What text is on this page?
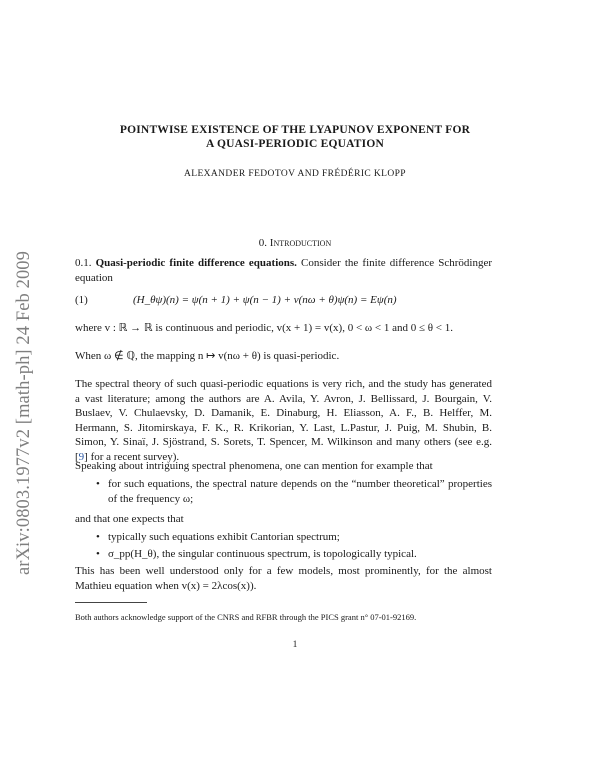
arXiv:0803.1977v2 [math-ph] 24 Feb 2009
POINTWISE EXISTENCE OF THE LYAPUNOV EXPONENT FOR
A QUASI-PERIODIC EQUATION
ALEXANDER FEDOTOV AND FRÉDÉRIC KLOPP
0. Introduction
0.1. Quasi-periodic finite difference equations. Consider the finite difference Schrödinger equation
(1)	(H_θψ)(n) = ψ(n + 1) + ψ(n − 1) + v(nω + θ)ψ(n) = Eψ(n)
where v : ℝ → ℝ is continuous and periodic, v(x + 1) = v(x), 0 < ω < 1 and 0 ≤ θ < 1.
When ω ∉ ℚ, the mapping n ↦ v(nω + θ) is quasi-periodic.
The spectral theory of such quasi-periodic equations is very rich, and the study has generated a vast literature; among the authors are A. Avila, Y. Avron, J. Bellissard, J. Bourgain, V. Buslaev, V. Chulaevsky, D. Damanik, E. Dinaburg, H. Eliasson, A. F., B. Helffer, M. Hermann, S. Jitomirskaya, F. K., R. Krikorian, Y. Last, L.Pastur, J. Puig, M. Shubin, B. Simon, Y. Sinaï, J. Sjöstrand, S. Sorets, T. Spencer, M. Wilkinson and many others (see e.g. [9] for a recent survey).
Speaking about intriguing spectral phenomena, one can mention for example that
• for such equations, the spectral nature depends on the “number theoretical” properties of the frequency ω;
and that one expects that
• typically such equations exhibit Cantorian spectrum;
• σ_pp(H_θ), the singular continuous spectrum, is topologically typical.
This has been well understood only for a few models, most prominently, for the almost Mathieu equation when v(x) = 2λcos(x)).
Both authors acknowledge support of the CNRS and RFBR through the PICS grant n° 07-01-92169.
1
